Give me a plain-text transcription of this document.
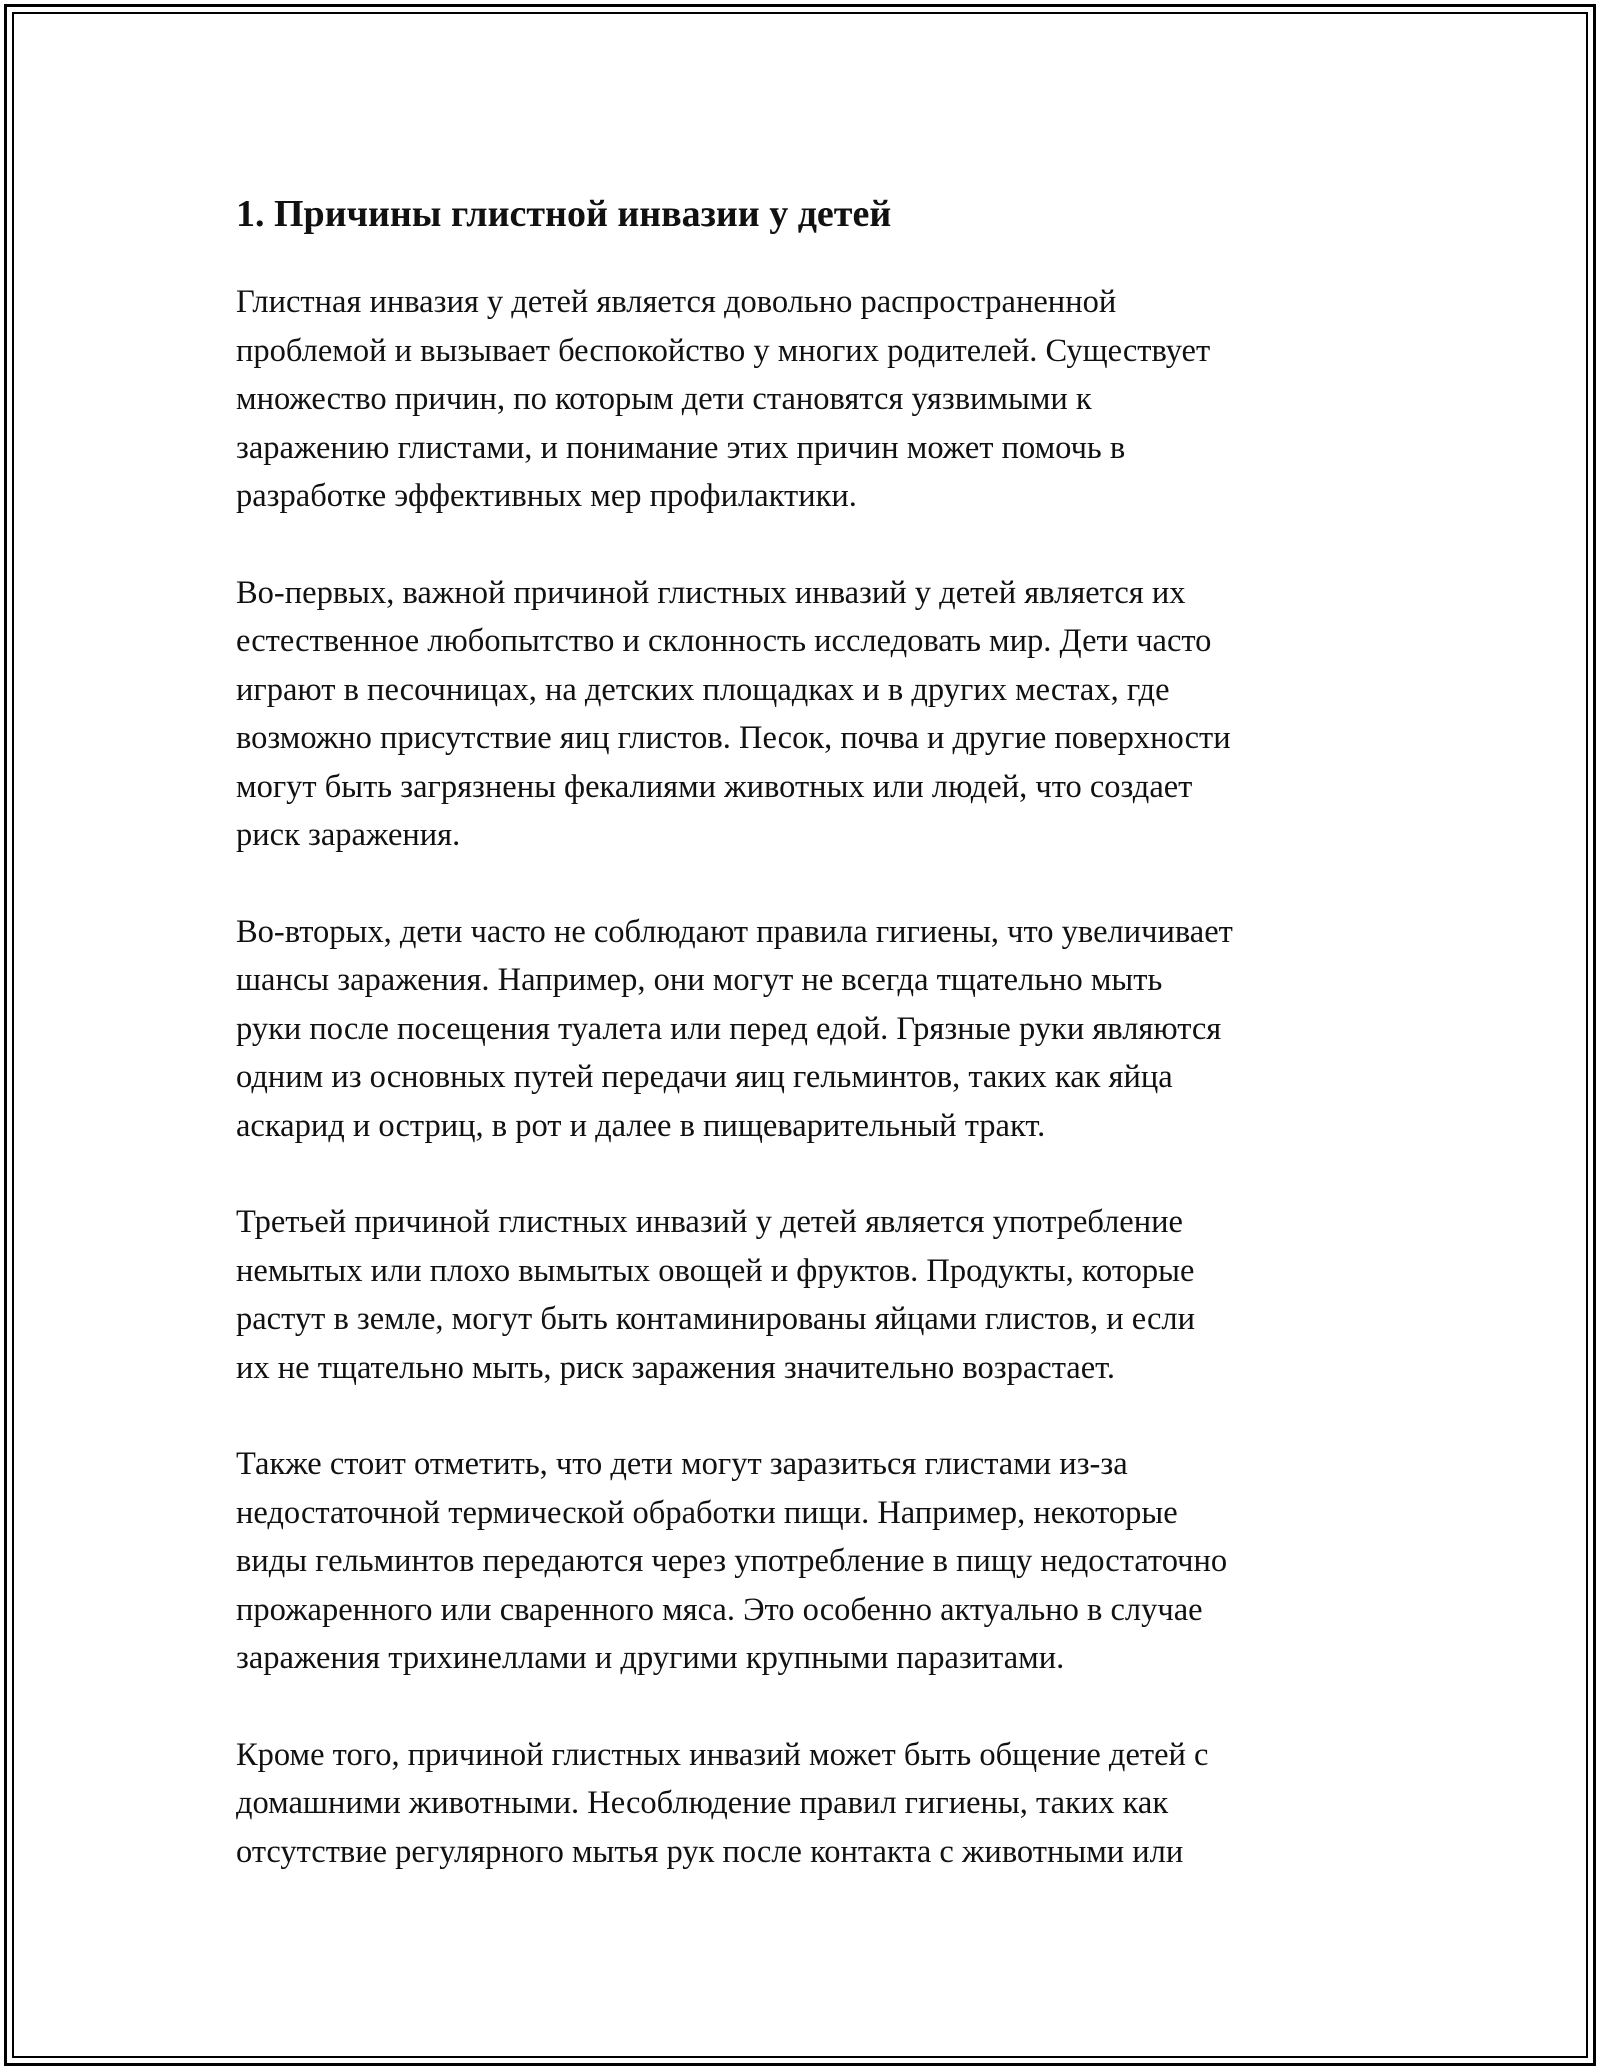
1. Причины глистной инвазии у детей

Глистная инвазия у детей является довольно распространенной
проблемой и вызывает беспокойство у многих родителей. Существует
множество причин, по которым дети становятся уязвимыми к
заражению глистами, и понимание этих причин может помочь в
разработке эффективных мер профилактики.

Во-первых, важной причиной глистных инвазий у детей является их
естественное любопытство и склонность исследовать мир. Дети часто
играют в песочницах, на детских площадках и в других местах, где
возможно присутствие яиц глистов. Песок, почва и другие поверхности
могут быть загрязнены фекалиями животных или людей, что создает
риск заражения.

Во-вторых, дети часто не соблюдают правила гигиены, что увеличивает
шансы заражения. Например, они могут не всегда тщательно мыть
руки после посещения туалета или перед едой. Грязные руки являются
одним из основных путей передачи яиц гельминтов, таких как яйца
аскарид и остриц, в рот и далее в пищеварительный тракт.

Третьей причиной глистных инвазий у детей является употребление
немытых или плохо вымытых овощей и фруктов. Продукты, которые
растут в земле, могут быть контаминированы яйцами глистов, и если
их не тщательно мыть, риск заражения значительно возрастает.

Также стоит отметить, что дети могут заразиться глистами из-за
недостаточной термической обработки пищи. Например, некоторые
виды гельминтов передаются через употребление в пищу недостаточно
прожаренного или сваренного мяса. Это особенно актуально в случае
заражения трихинеллами и другими крупными паразитами.

Кроме того, причиной глистных инвазий может быть общение детей с
домашними животными. Несоблюдение правил гигиены, таких как
отсутствие регулярного мытья рук после контакта с животными или
